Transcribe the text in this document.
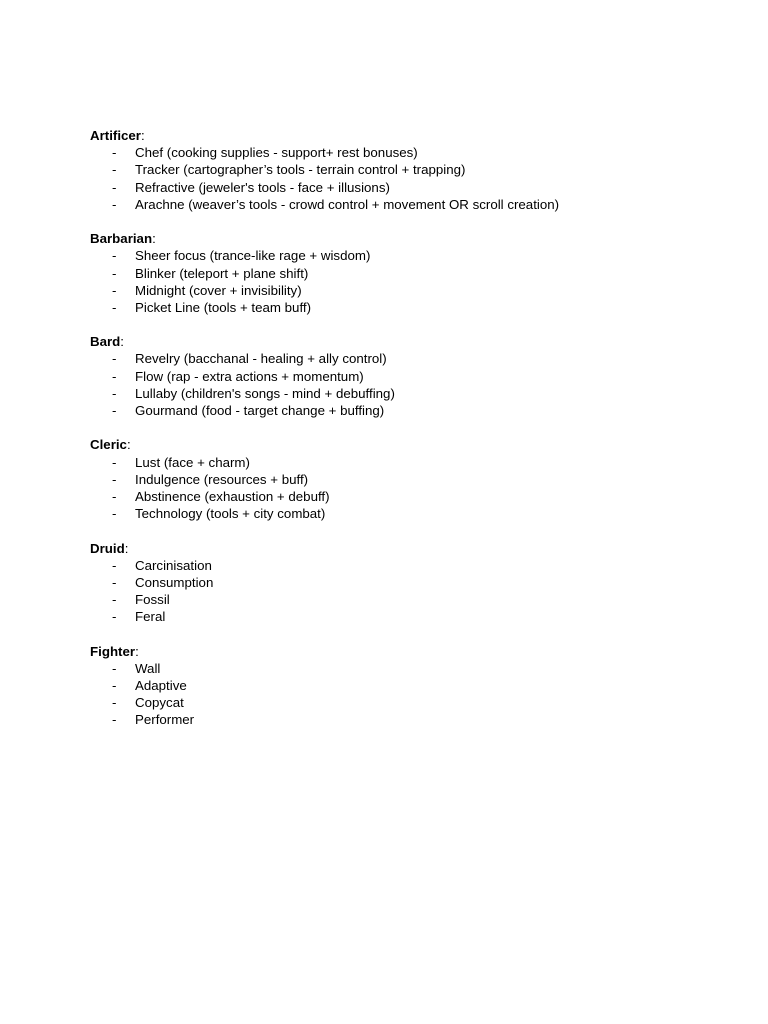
Artificer:
- Chef (cooking supplies - support+ rest bonuses)
- Tracker (cartographer’s tools - terrain control + trapping)
- Refractive (jeweler's tools - face + illusions)
- Arachne (weaver’s tools - crowd control + movement OR scroll creation)
Barbarian:
- Sheer focus (trance-like rage + wisdom)
- Blinker (teleport + plane shift)
- Midnight (cover + invisibility)
- Picket Line (tools + team buff)
Bard:
- Revelry (bacchanal - healing + ally control)
- Flow (rap - extra actions + momentum)
- Lullaby (children's songs - mind + debuffing)
- Gourmand (food - target change + buffing)
Cleric:
- Lust (face + charm)
- Indulgence (resources + buff)
- Abstinence (exhaustion + debuff)
- Technology (tools + city combat)
Druid:
- Carcinisation
- Consumption
- Fossil
- Feral
Fighter:
- Wall
- Adaptive
- Copycat
- Performer
